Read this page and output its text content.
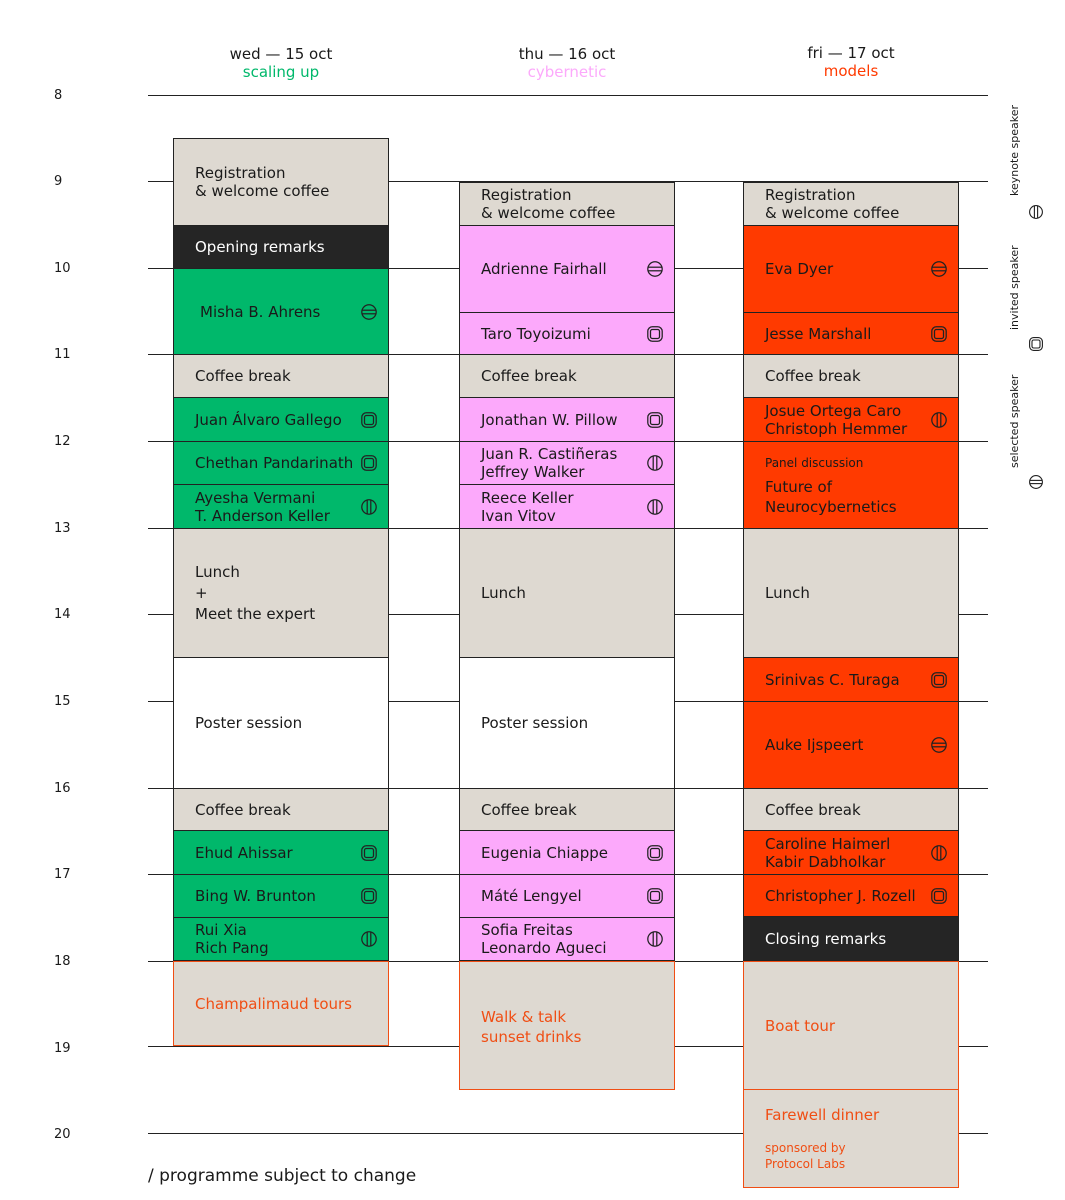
8
9
10
11
12
13
14
15
16
17
18
19
20
wed — 15 oct
scaling up
thu — 16 oct
cybernetic
fri — 17 oct
models
Registration
& welcome coffee
Opening remarks
Misha B. Ahrens
Coffee break
Juan Álvaro Gallego
Chethan Pandarinath
Ayesha Vermani
T. Anderson Keller
Lunch
+
Meet the expert
Poster session
Coffee break
Ehud Ahissar
Bing W. Brunton
Rui Xia
Rich Pang
Champalimaud tours
Registration
& welcome coffee
Adrienne Fairhall
Taro Toyoizumi
Coffee break
Jonathan W. Pillow
Juan R. Castiñeras
Jeffrey Walker
Reece Keller
Ivan Vitov
Lunch
Poster session
Coffee break
Eugenia Chiappe
Máté Lengyel
Sofia Freitas
Leonardo Agueci
Walk & talk
sunset drinks
Registration
& welcome coffee
Eva Dyer
Jesse Marshall
Coffee break
Josue Ortega Caro
Christoph Hemmer
Panel discussion
Future of
Neurocybernetics
Lunch
Srinivas C. Turaga
Auke Ijspeert
Coffee break
Caroline Haimerl
Kabir Dabholkar
Christopher J. Rozell
Closing remarks
Boat tour
Farewell dinner
sponsored by
Protocol Labs
keynote speaker
invited speaker
selected speaker
/ programme subject to change
